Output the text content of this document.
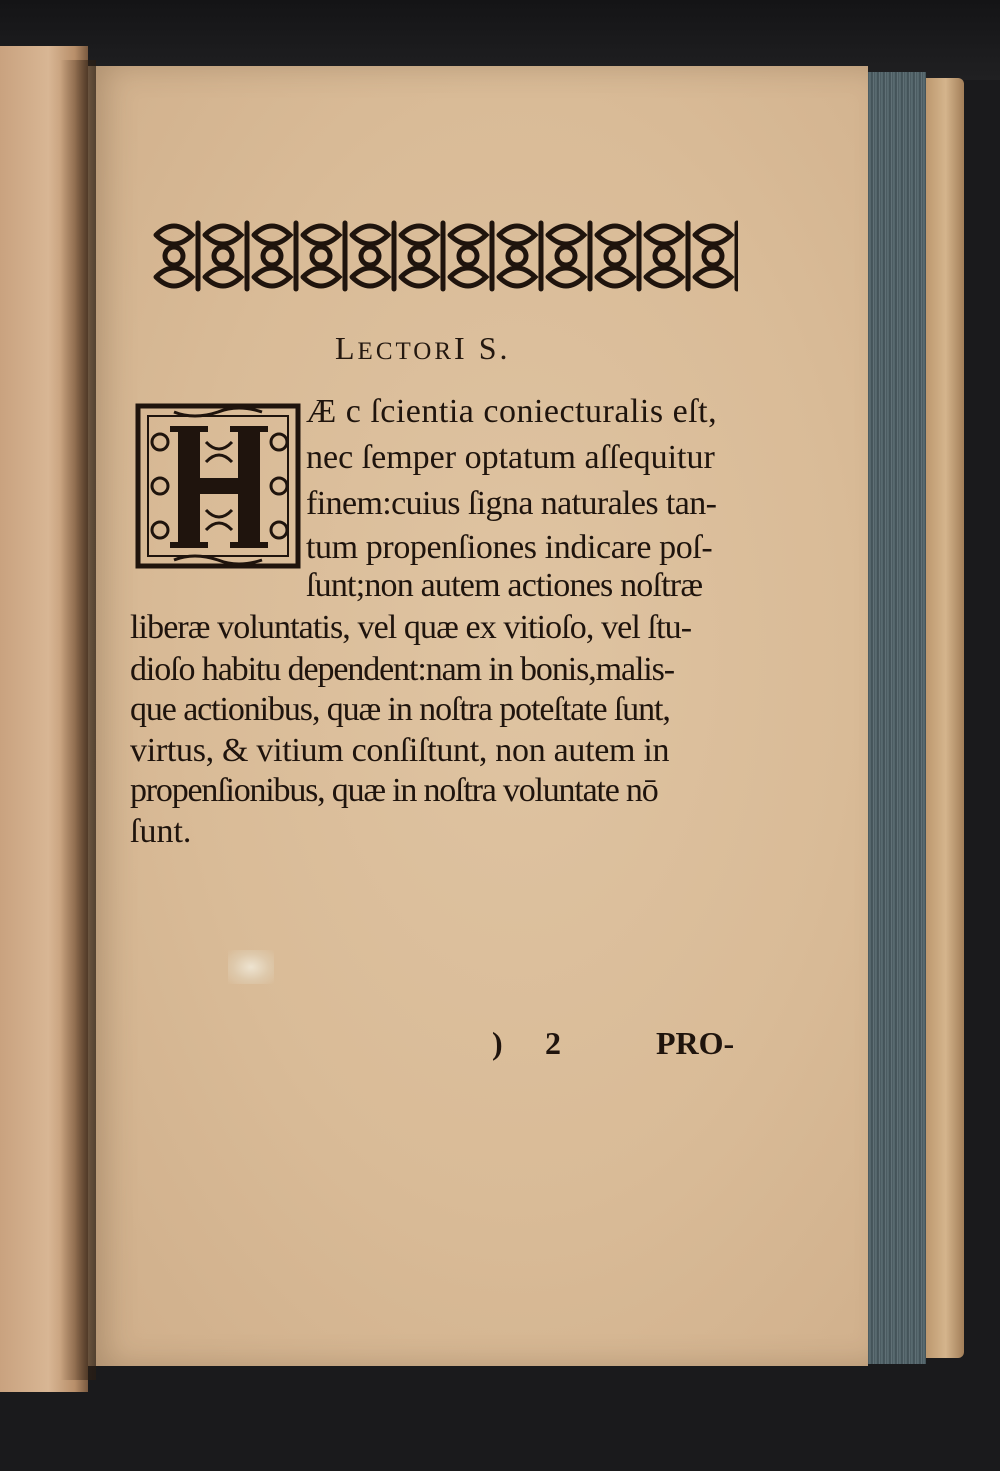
LECTORI S.
H	Æ c ſcientia coniecturalis eſt,
nec ſemper optatum aſſequitur
finem:cuius ſigna naturales tan-
tum propenſiones indicare poſ-
ſunt;non autem actiones noſtræ
liberæ voluntatis, vel quæ ex vitioſo, vel ſtu-
dioſo habitu dependent:nam in bonis,malis-
que actionibus, quæ in noſtra poteſtate ſunt,
virtus, & vitium conſiſtunt, non autem in
propenſionibus, quæ in noſtra voluntate nō
ſunt.
) 2	PRO-
